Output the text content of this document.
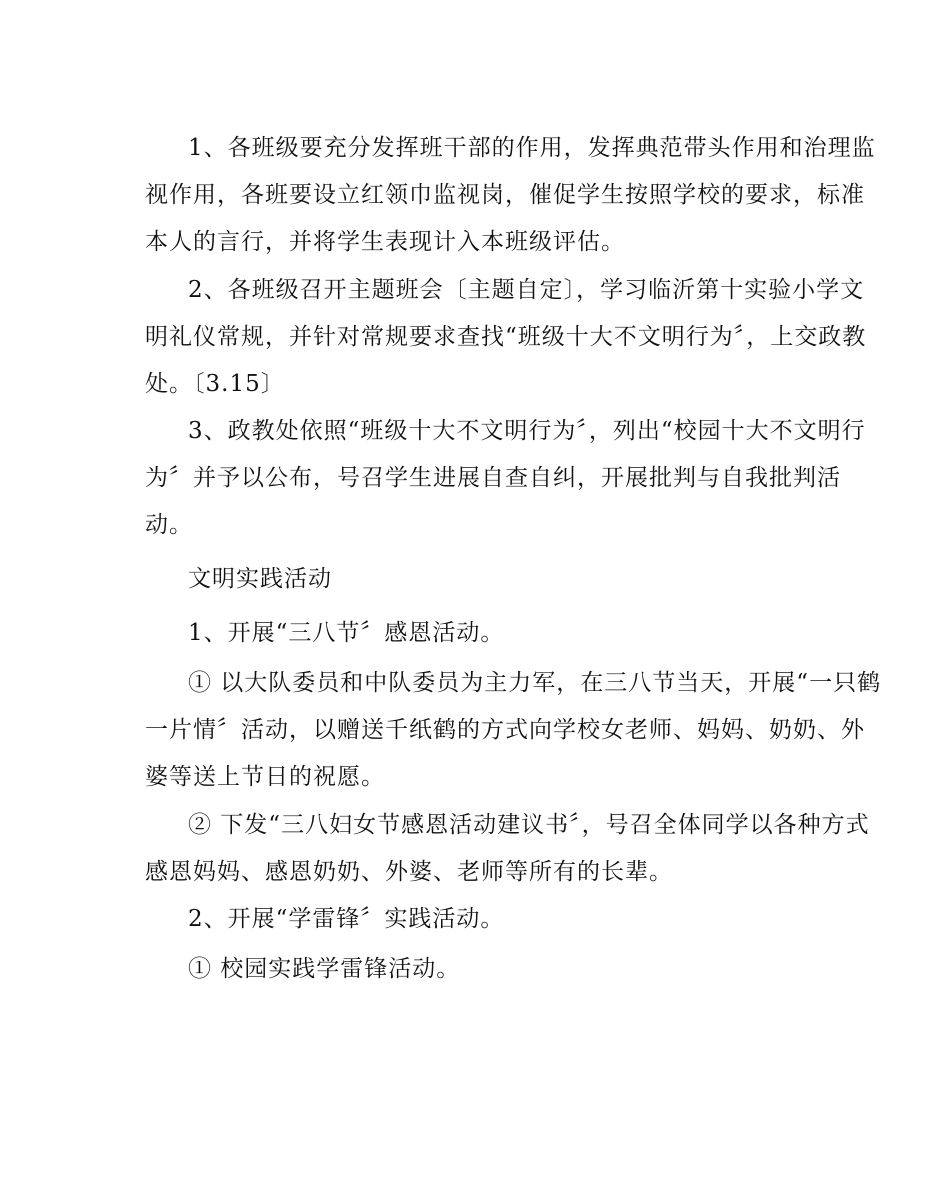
1、各班级要充分发挥班干部的作用，发挥典范带头作用和治理监
视作用，各班要设立红领巾监视岗，催促学生按照学校的要求，标准
本人的言行，并将学生表现计入本班级评估。
2、各班级召开主题班会〔主题自定〕，学习临沂第十实验小学文
明礼仪常规，并针对常规要求查找“班级十大不文明行为〞，上交政教
处。〔3.15〕
3、政教处依照“班级十大不文明行为〞，列出“校园十大不文明行
为〞并予以公布，号召学生进展自查自纠，开展批判与自我批判活
动。
文明实践活动
1、开展“三八节〞感恩活动。
① 以大队委员和中队委员为主力军，在三八节当天，开展“一只鹤
一片情〞活动，以赠送千纸鹤的方式向学校女老师、妈妈、奶奶、外
婆等送上节日的祝愿。
② 下发“三八妇女节感恩活动建议书〞，号召全体同学以各种方式
感恩妈妈、感恩奶奶、外婆、老师等所有的长辈。
2、开展“学雷锋〞实践活动。
① 校园实践学雷锋活动。
